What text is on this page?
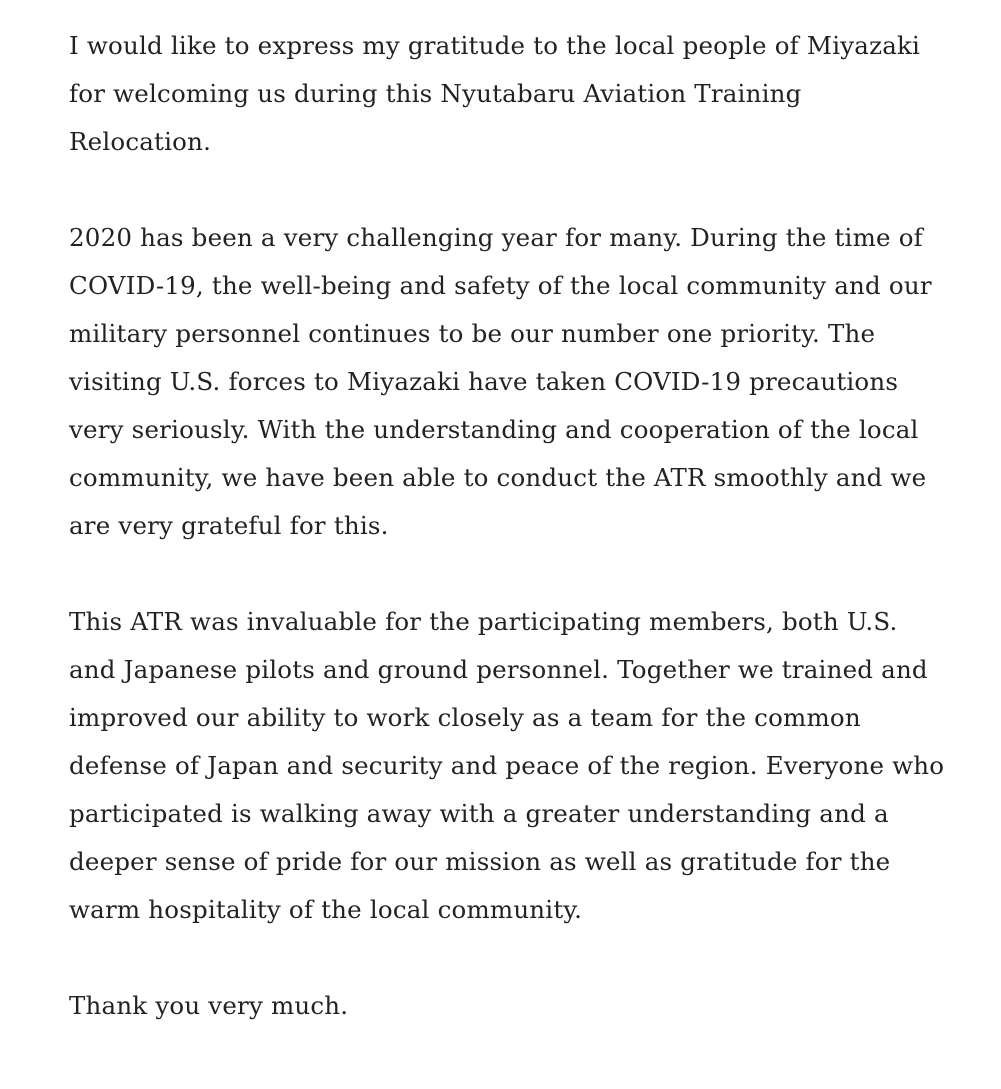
I would like to express my gratitude to the local people of Miyazaki
for welcoming us during this Nyutabaru Aviation Training
Relocation.

2020 has been a very challenging year for many. During the time of
COVID-19, the well-being and safety of the local community and our
military personnel continues to be our number one priority. The
visiting U.S. forces to Miyazaki have taken COVID-19 precautions
very seriously. With the understanding and cooperation of the local
community, we have been able to conduct the ATR smoothly and we
are very grateful for this.

This ATR was invaluable for the participating members, both U.S.
and Japanese pilots and ground personnel. Together we trained and
improved our ability to work closely as a team for the common
defense of Japan and security and peace of the region. Everyone who
participated is walking away with a greater understanding and a
deeper sense of pride for our mission as well as gratitude for the
warm hospitality of the local community.

Thank you very much.
